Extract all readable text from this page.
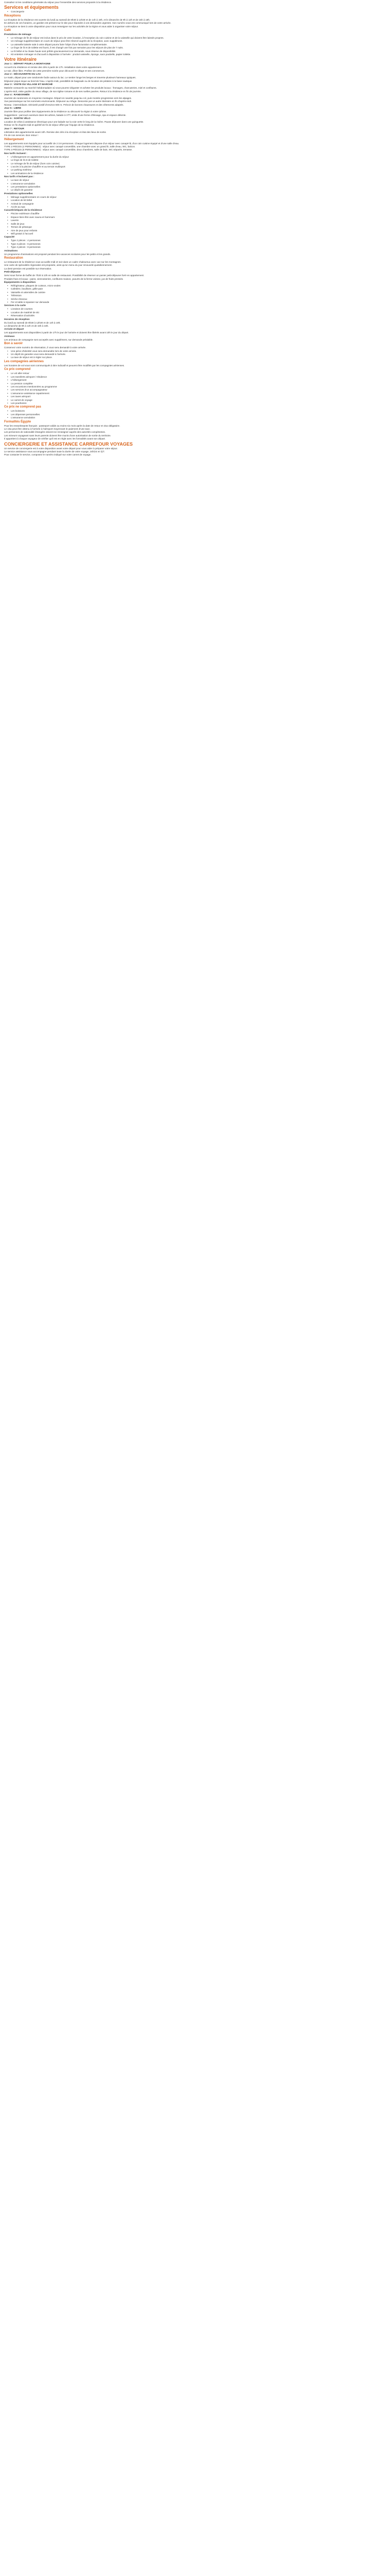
Consultez ici les conditions générales du séjour pour l'ensemble des services proposés à la résidence.

Services et équipements
• Conciergerie
Réceptions

La réception de la résidence est ouverte du lundi au samedi de 8h30 à 12h30 et de 14h à 19h, et le dimanche de 9h à 12h et de 15h à 18h.

En dehors de ces horaires, un gardien est présent sur le site pour répondre à vos demandes urgentes. Son numéro vous est communiqué lors de votre arrivée.

La réception se tient à votre disposition pour vous renseigner sur les activités de la région et vous aider à organiser votre séjour.

Café
Prestations de ménage
• Le ménage de fin de séjour est inclus dans le prix de votre location, à l'exception du coin cuisine et de la vaisselle qui doivent être laissés propres.
• Un ménage supplémentaire en cours de séjour peut être réservé auprès de la réception, avec supplément.
• La vaisselle laissée sale à votre départ pourra faire l'objet d'une facturation complémentaire.
• Le linge de lit et de toilette est fourni, il est changé une fois par semaine pour les séjours de plus de 7 nuits.
• Le lit bébé et la chaise haute sont prêtés gracieusement sur demande, sous réserve de disponibilité.
• Kit entretien ménager et d'accueil à disposition à l'arrivée : produit vaisselle, éponge, sacs poubelle, papier toilette.
Votre itinéraire
Jour 1 : DÉPART POUR LA MONTAGNE

Accueil à la résidence et remise des clés à partir de 17h. Installation dans votre appartement.

Le soir, dîner libre. Profitez de cette première soirée pour découvrir le village et ses commerces.

Jour 2 : DÉCOUVERTE DU LAC

Le matin, départ pour une randonnée facile autour du lac. Le sentier longe les berges et traverse plusieurs hameaux typiques.

Déjeuner pique-nique au bord de l'eau. L'après-midi, possibilité de baignade ou de location de pédalos à la base nautique.

Jour 3 : VISITE DU VILLAGE ET MARCHÉ

Matinée consacrée au marché hebdomadaire où vous pourrez déguster et acheter les produits locaux : fromages, charcuteries, miel et confitures.

L'après-midi, visite guidée du vieux village, de son église romane et de ses ruelles pavées. Retour à la résidence en fin de journée.

Jour 4 : RANDONNÉE

Journée de randonnée en moyenne montagne. Départ en navette jusqu'au col, puis montée progressive vers les alpages.

Vue panoramique sur les sommets environnants. Déjeuner au refuge. Descente par un autre itinéraire en fin d'après-midi.

Niveau : intermédiaire. Dénivelé positif d'environ 600 m. Prévoir de bonnes chaussures et des vêtements adaptés.

Jour 5 : LIBRE

Journée libre pour profiter des équipements de la résidence ou découvrir la région à votre rythme.

Suggestions : parcours aventure dans les arbres, balade à VTT, visite d'une ferme d'élevage, spa et espace détente.

Jour 6 : SORTIE VÉLO

Location de vélos à assistance électrique pour une balade sur la voie verte le long de la rivière. Pause déjeuner dans une guinguette.

Retour en fin d'après-midi et apéritif de fin de séjour offert par l'équipe de la résidence.

Jour 7 : RETOUR

Libération des appartements avant 10h. Remise des clés à la réception et état des lieux de sortie.

Fin de nos services. Bon retour !

Hébergement

Les appartements sont équipés pour accueillir de 2 à 8 personnes. Chaque logement dispose d'un séjour avec canapé-lit, d'un coin cuisine équipé et d'une salle d'eau.

TYPE 2 PIÈCES (4 PERSONNES) : séjour avec canapé convertible, une chambre avec un grand lit, salle d'eau, WC, balcon.

TYPE 3 PIÈCES (6 PERSONNES) : séjour avec canapé convertible, deux chambres, salle de bain, WC séparés, terrasse.

Nos tarifs incluent :
• L'hébergement en appartement pour la durée du séjour
• Le linge de lit et de toilette
• Le ménage de fin de séjour (hors coin cuisine)
• L'accès à la piscine chauffée et au terrain multisport
• Le parking extérieur
• Les animations de la résidence
Nos tarifs n'incluent pas :
• La taxe de séjour
• L'assurance annulation
• Les prestations optionnelles
• Le dépôt de garantie
Prestations optionnelles
• Ménage supplémentaire en cours de séjour
• Location de kit bébé
• Animal de compagnie
• Accès au spa
Caractéristiques de la résidence
• Piscine extérieure chauffée
• Espace bien-être avec sauna et hammam
• Laverie
• Salle de jeux
• Terrain de pétanque
• Aire de jeux pour enfants
• Wifi gratuit à l'accueil
Capacité
• Type 2 pièces : 4 personnes
• Type 3 pièces : 6 personnes
• Type 4 pièces : 8 personnes
Animations

Un programme d'animations est proposé pendant les vacances scolaires pour les petits et les grands.

Restauration

Le restaurant de la résidence vous accueille midi et soir dans un cadre chaleureux avec vue sur les montagnes.

Une carte de spécialités régionales est proposée, ainsi qu'un menu du jour renouvelé quotidiennement.

La demi-pension est possible sur réservation.

Petit-déjeuner

Servi sous forme de buffet de 7h30 à 10h en salle de restaurant. Possibilité de réserver un panier petit-déjeuner livré en appartement.

Produits frais et locaux : pains, viennoiseries, confitures maison, yaourts de la ferme voisine, jus de fruits pressés.

Équipements à disposition
• Réfrigérateur, plaques de cuisson, micro-ondes
• Cafetière, bouilloire, grille-pain
• Vaisselle et ustensiles de cuisine
• Télévision
• Sèche-cheveux
• Fer et table à repasser sur demande
Services à la carte
• Livraison de courses
• Location de matériel de ski
• Réservation d'activités
Horaires de réception

Du lundi au samedi de 8h30 à 12h30 et de 14h à 19h.

Le dimanche de 9h à 12h et de 15h à 18h.

Arrivée et départ

Les appartements sont disponibles à partir de 17h le jour de l'arrivée et doivent être libérés avant 10h le jour du départ.

Animaux

Les animaux de compagnie sont acceptés avec supplément, sur demande préalable.

Bon à savoir

Conservez votre numéro de réservation, il vous sera demandé à votre arrivée.

• Une pièce d'identité vous sera demandée lors de votre arrivée.
• Un dépôt de garantie vous sera demandé à l'arrivée.
• La taxe de séjour est à régler sur place.
Les compagnies aériennes

Les horaires de vol vous sont communiqués à titre indicatif et peuvent être modifiés par les compagnies aériennes.

Ce prix comprend
• Le vol aller-retour
• Les transferts aéroport / résidence
• L'hébergement
• La pension complète
• Les excursions mentionnées au programme
• Les services d'un accompagnateur
• L'assurance assistance rapatriement
• Les taxes aéroport
• Le carnet de voyage
• Les pourboires
Ce prix ne comprend pas
• Les boissons
• Les dépenses personnelles
• L'assurance annulation
Formalités Égypte

Pour les ressortissants français : passeport valide au moins six mois après la date de retour et visa obligatoire.

Le visa peut être obtenu à l'arrivée à l'aéroport moyennant le paiement d'une taxe.

Les personnes de nationalité étrangère doivent se renseigner auprès des autorités compétentes.

Les mineurs voyageant sans leurs parents doivent être munis d'une autorisation de sortie du territoire.

Il appartient à chaque voyageur de vérifier qu'il est en règle avec les formalités avant son départ.

CONCIERGERIE ET ASSISTANCE CARREFOUR VOYAGES

Un service de conciergerie est à votre disposition avant votre départ pour vous aider à préparer votre séjour.

Le service assistance vous accompagne pendant toute la durée de votre voyage, 24h/24 et 7j/7.

Pour contacter le service, composez le numéro indiqué sur votre carnet de voyage.
